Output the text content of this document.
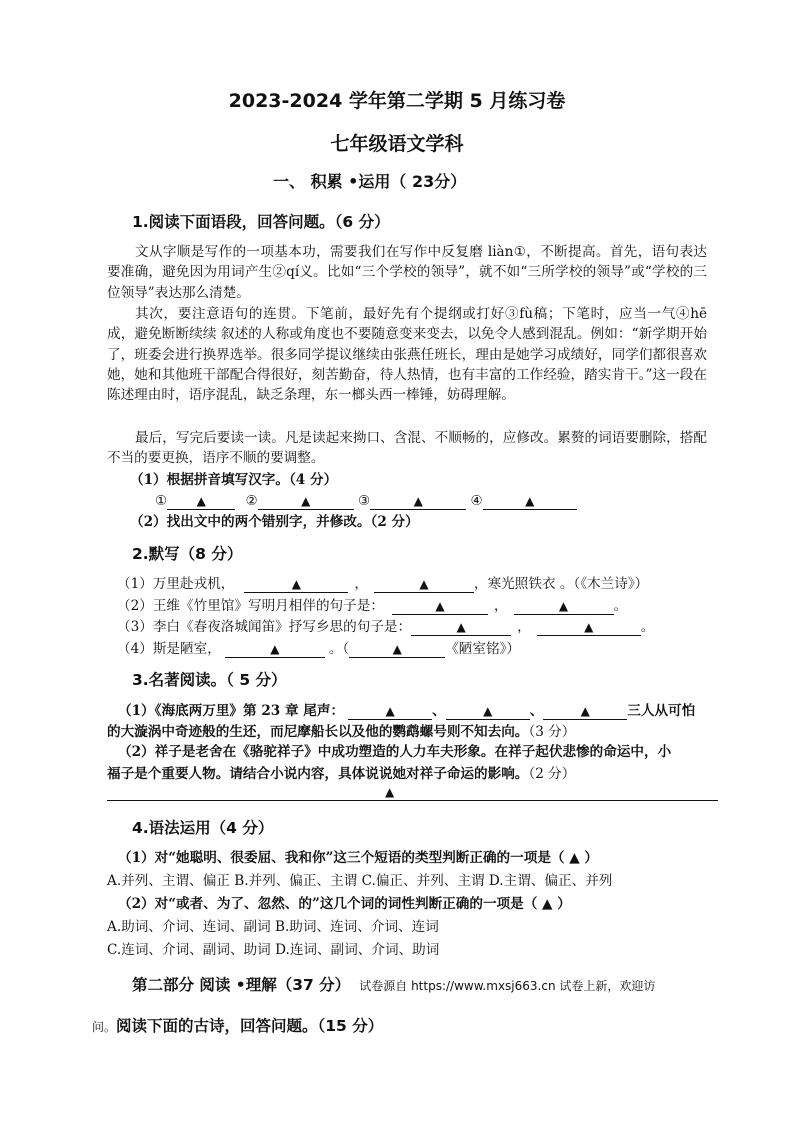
2023-2024 学年第二学期 5 月练习卷
七年级语文学科
一、 积累 •运用（ 23分）
1.阅读下面语段，回答问题。（6 分）
文从字顺是写作的一项基本功，需要我们在写作中反复磨 liàn①，不断提高。首先，语句表达要准确，避免因为用词产生②qí义。比如“三个学校的领导”，就不如“三所学校的领导”或“学校的三位领导”表达那么清楚。
其次，要注意语句的连贯。下笔前，最好先有个提纲或打好③fù稿；下笔时，应当一气④hē 成，避免断断续续 叙述的人称或角度也不要随意变来变去，以免令人感到混乱。例如：“新学期开始了，班委会进行换界选举。很多同学提议继续由张燕任班长，理由是她学习成绩好，同学们都很喜欢她，她和其他班干部配合得很好，刻苦勤奋，待人热情，也有丰富的工作经验，踏实肯干。”这一段在陈述理由时，语序混乱，缺乏条理，东一榔头西一棒锤，妨碍理解。
最后，写完后要读一读。凡是读起来拗口、含混、不顺畅的，应修改。累赘的词语要删除，搭配不当的要更换，语序不顺的要调整。
（1）根据拼音填写汉字。（4 分）
① ▲	②	▲	③	▲	④	▲
（2）找出文中的两个错别字，并修改。（2 分）
2.默写（8 分）
（1）万里赴戎机，	▲	，	▲	，寒光照铁衣 。（《木兰诗》）
（2）王维《竹里馆》写明月相伴的句子是：	▲	，	▲	。
（3）李白《春夜洛城闻笛》抒写乡思的句子是：	▲	，	▲	。
（4）斯是陋室，	▲	。（	▲	《陋室铭》）
3.名著阅读。（ 5 分）
（1）《海底两万里》第 23 章 尾声：	▲	、	▲	、	▲	三人从可怕
的大漩涡中奇迹般的生还，而尼摩船长以及他的鹦鹉螺号则不知去向。（3 分）
（2）祥子是老舍在《骆驼祥子》中成功塑造的人力车夫形象。在祥子起伏悲惨的命运中，小
福子是个重要人物。请结合小说内容，具体说说她对祥子命运的影响。（2 分）
▲
4.语法运用（4 分）
（1）对“她聪明、很委屈、我和你”这三个短语的类型判断正确的一项是（ ▲ ）
A.并列、主谓、偏正 B.并列、偏正、主谓 C.偏正、并列、主谓 D.主谓、偏正、并列
（2）对“或者、为了、忽然、的”这几个词的词性判断正确的一项是（ ▲ ）
A.助词、介词、连词、副词 B.助词、连词、介词、连词
C.连词、介词、副词、助词 D.连词、副词、介词、助词
第二部分 阅读 •理解（37 分） 试卷源自 https://www.mxsj663.cn 试卷上新，欢迎访
问。阅读下面的古诗，回答问题。（15 分）
